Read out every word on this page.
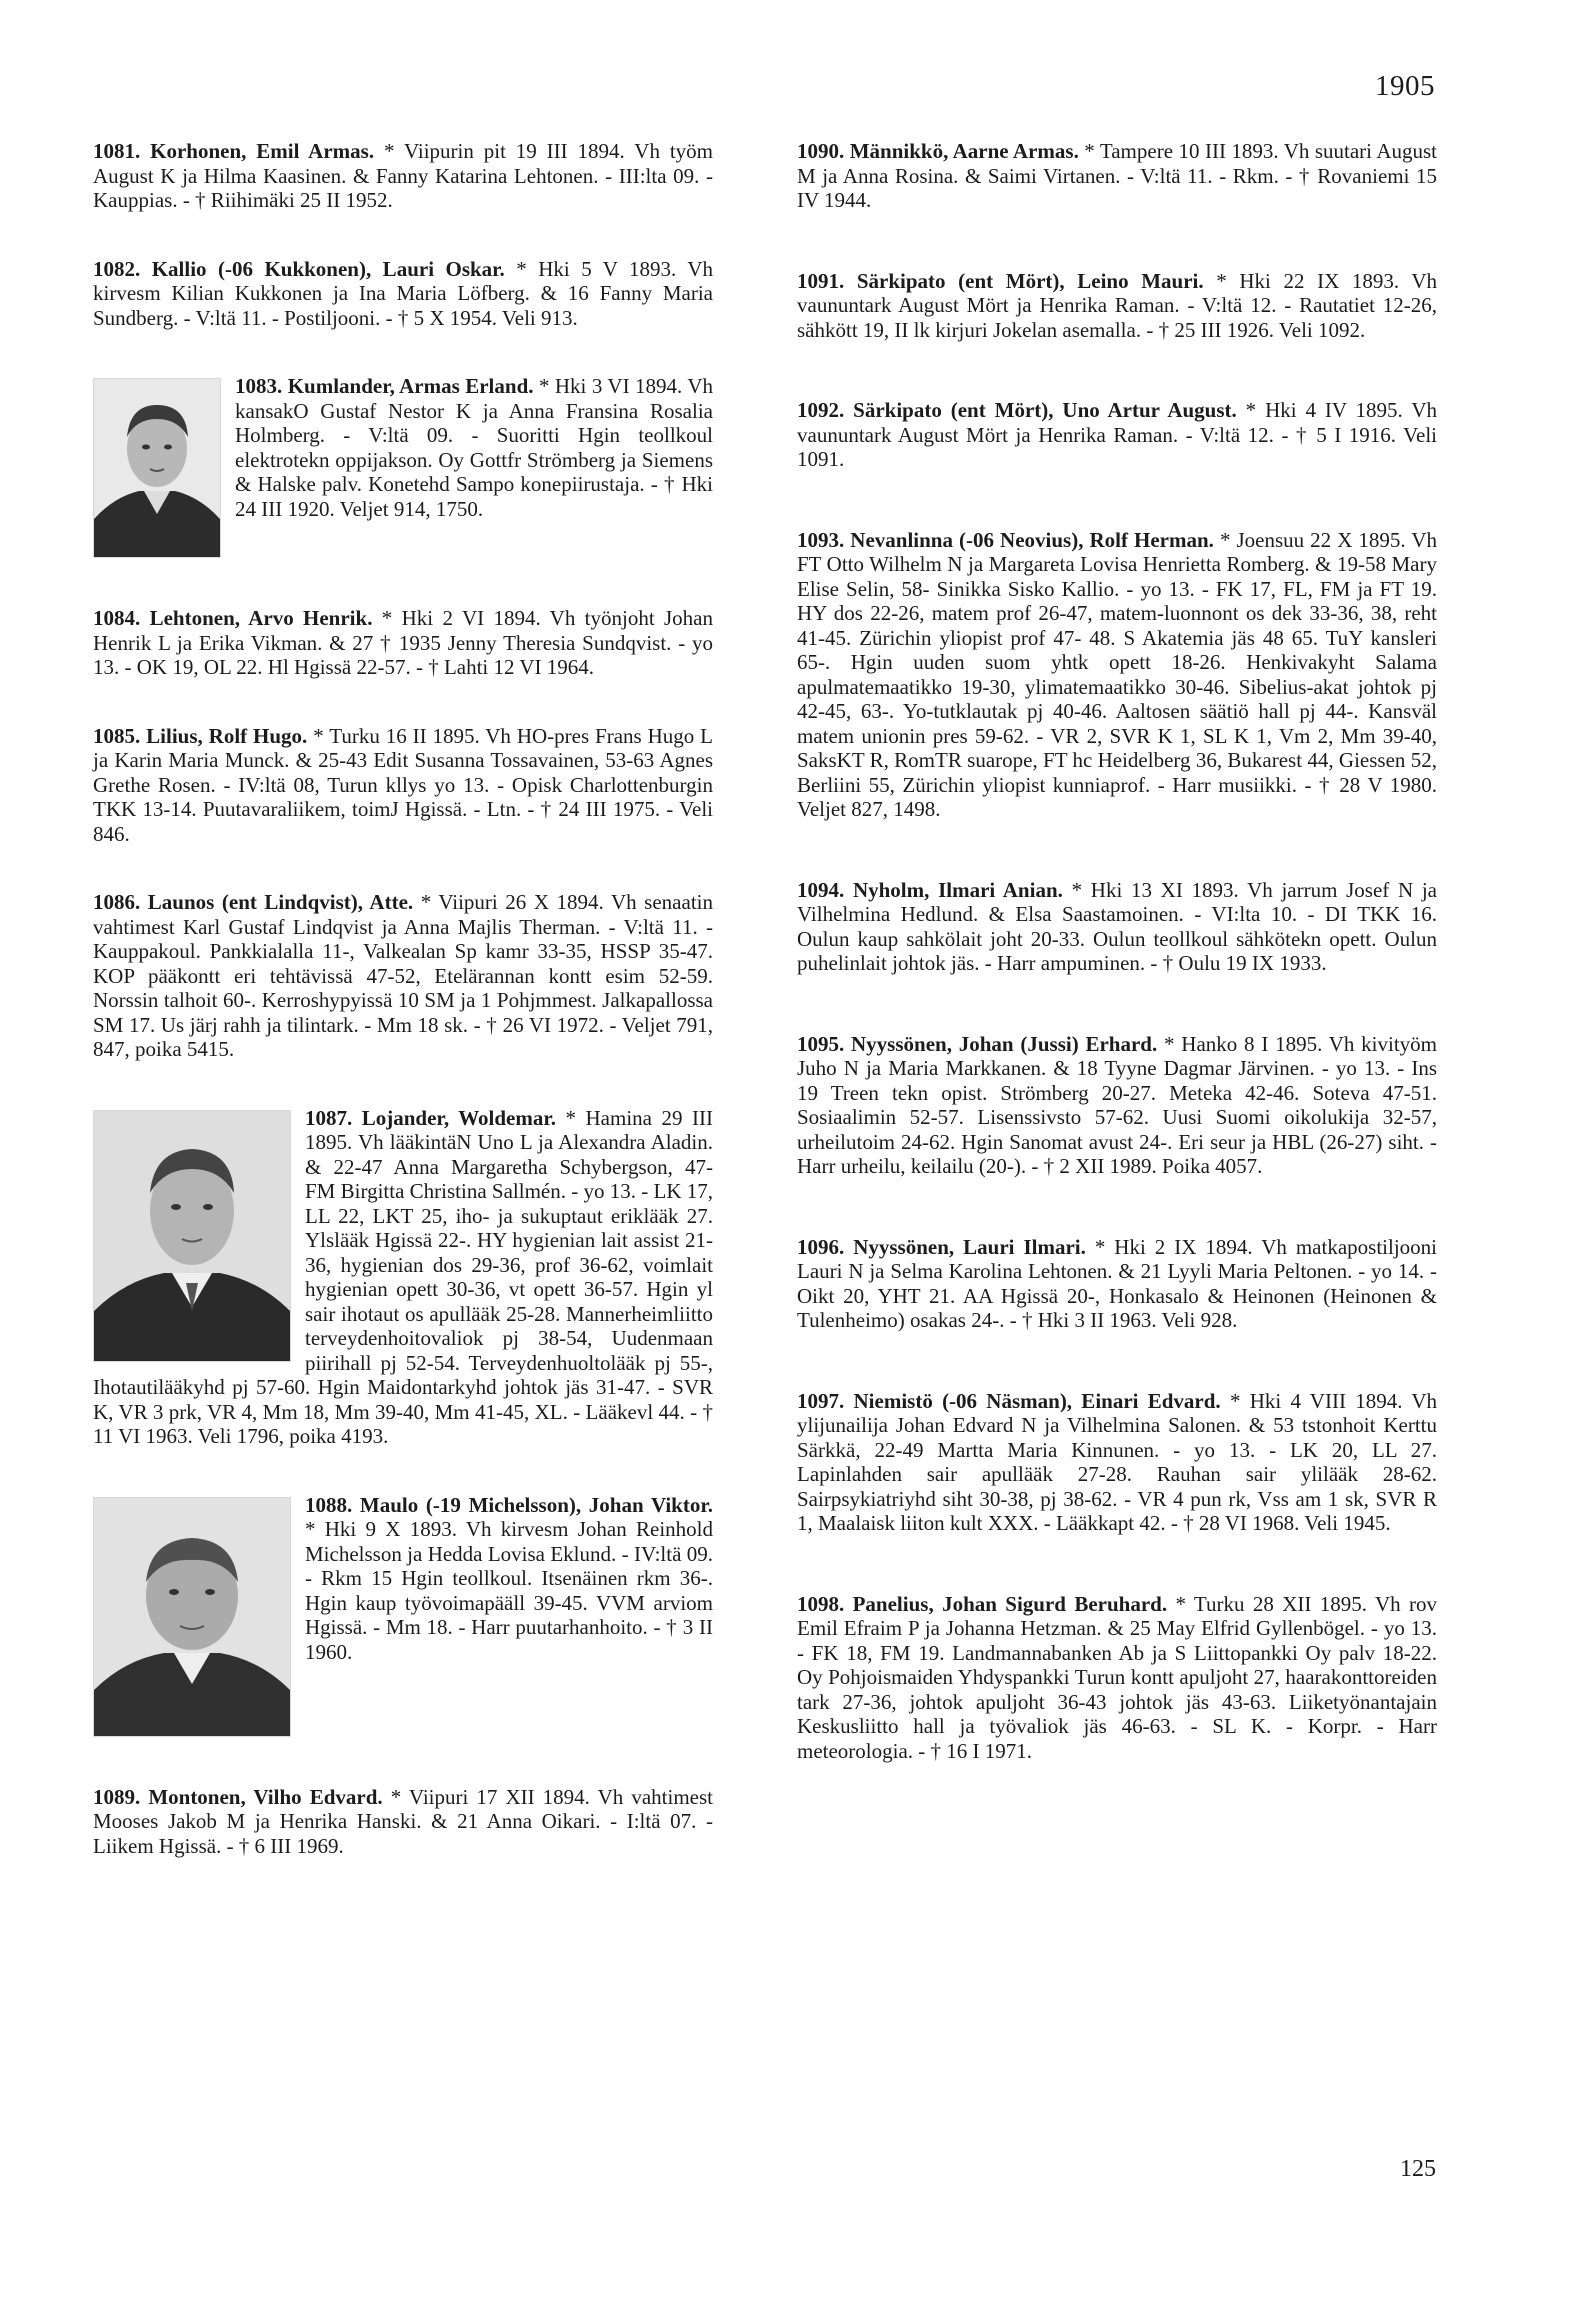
1905
1081. Korhonen, Emil Armas. * Viipurin pit 19 III 1894. Vh työm August K ja Hilma Kaasinen. & Fanny Katarina Lehtonen. - III:lta 09. - Kauppias. - † Riihimäki 25 II 1952.
1082. Kallio (-06 Kukkonen), Lauri Oskar. * Hki 5 V 1893. Vh kirvesm Kilian Kukkonen ja Ina Maria Löfberg. & 16 Fanny Maria Sundberg. - V:ltä 11. - Postiljooni. - † 5 X 1954. Veli 913.
1083. Kumlander, Armas Erland.
* Hki 3 VI 1894. Vh kansakO Gustaf Nestor K ja Anna Fransina Rosalia Holmberg. - V:ltä 09. - Suoritti Hgin teollkoul elektrotekn oppijakson. Oy Gottfr Strömberg ja Siemens & Halske palv. Konetehd Sampo konepiirustaja. - † Hki 24 III 1920. Veljet 914, 1750.
1084. Lehtonen, Arvo Henrik. * Hki 2 VI 1894. Vh työnjoht Johan Henrik L ja Erika Vikman. & 27 † 1935 Jenny Theresia Sundqvist. - yo 13. - OK 19, OL 22. Hl Hgissä 22-57. - † Lahti 12 VI 1964.
1085. Lilius, Rolf Hugo. * Turku 16 II 1895. Vh HO-pres Frans Hugo L ja Karin Maria Munck. & 25-43 Edit Susanna Tossavainen, 53-63 Agnes Grethe Rosen. - IV:ltä 08, Turun kllys yo 13. - Opisk Charlottenburgin TKK 13-14. Puutavaraliikem, toimJ Hgissä. - Ltn. - † 24 III 1975. - Veli 846.
1086. Launos (ent Lindqvist), Atte. * Viipuri 26 X 1894. Vh senaatin vahtimest Karl Gustaf Lindqvist ja Anna Majlis Therman. - V:ltä 11. - Kauppakoul. Pankkialalla 11-, Valkealan Sp kamr 33-35, HSSP 35-47. KOP pääkontt eri tehtävissä 47-52, Etelärannan kontt esim 52-59. Norssin talhoit 60-. Kerroshypyissä 10 SM ja 1 Pohjmmest. Jalkapallossa SM 17. Us järj rahh ja tilintark. - Mm 18 sk. - † 26 VI 1972. - Veljet 791, 847, poika 5415.
1087. Lojander, Woldemar.
* Hamina 29 III 1895. Vh lääkintäN Uno L ja Alexandra Aladin. & 22-47 Anna Margaretha Schybergson, 47- FM Birgitta Christina Sallmén. - yo 13. - LK 17, LL 22, LKT 25, iho- ja sukuptaut eriklääk 27. Ylslääk Hgissä 22-. HY hygienian lait assist 21-36, hygienian dos 29-36, prof 36-62, voimlait hygienian opett 30-36, vt opett 36-57. Hgin yl sair ihotaut os apullääk 25-28. Mannerheimliitto terveydenhoitovaliok pj 38-54, Uudenmaan piirihall pj 52-54. Terveydenhuoltolääk pj 55-, Ihotautilääkyhd pj 57-60. Hgin Maidontarkyhd johtok jäs 31-47. - SVR K, VR 3 prk, VR 4, Mm 18, Mm 39-40, Mm 41-45, XL. - Lääkevl 44. - † 11 VI 1963. Veli 1796, poika 4193.
1088. Maulo (-19 Michelsson), Johan Viktor.
* Hki 9 X 1893. Vh kirvesm Johan Reinhold Michelsson ja Hedda Lovisa Eklund. - IV:ltä 09. - Rkm 15 Hgin teollkoul. Itsenäinen rkm 36-. Hgin kaup työvoimapääll 39-45. VVM arviom Hgissä. - Mm 18. - Harr puutarhanhoito. - † 3 II 1960.
1089. Montonen, Vilho Edvard. * Viipuri 17 XII 1894. Vh vahtimest Mooses Jakob M ja Henrika Hanski. & 21 Anna Oikari. - I:ltä 07. - Liikem Hgissä. - † 6 III 1969.
1090. Männikkö, Aarne Armas. * Tampere 10 III 1893. Vh suutari August M ja Anna Rosina. & Saimi Virtanen. - V:ltä 11. - Rkm. - † Rovaniemi 15 IV 1944.
1091. Särkipato (ent Mört), Leino Mauri. * Hki 22 IX 1893. Vh vaununtark August Mört ja Henrika Raman. - V:ltä 12. - Rautatiet 12-26, sähkött 19, II lk kirjuri Jokelan asemalla. - † 25 III 1926. Veli 1092.
1092. Särkipato (ent Mört), Uno Artur August. * Hki 4 IV 1895. Vh vaununtark August Mört ja Henrika Raman. - V:ltä 12. - † 5 I 1916. Veli 1091.
1093. Nevanlinna (-06 Neovius), Rolf Herman. * Joensuu 22 X 1895. Vh FT Otto Wilhelm N ja Margareta Lovisa Henrietta Romberg. & 19-58 Mary Elise Selin, 58- Sinikka Sisko Kallio. - yo 13. - FK 17, FL, FM ja FT 19. HY dos 22-26, matem prof 26-47, matem-luonnont os dek 33-36, 38, reht 41-45. Zürichin yliopist prof 47- 48. S Akatemia jäs 48 65. TuY kansleri 65-. Hgin uuden suom yhtk opett 18-26. Henkivakyht Salama apulmatemaatikko 19-30, ylimatemaatikko 30-46. Sibelius-akat johtok pj 42-45, 63-. Yo-tutklautak pj 40-46. Aaltosen säätiö hall pj 44-. Kansväl matem unionin pres 59-62. - VR 2, SVR K 1, SL K 1, Vm 2, Mm 39-40, SaksKT R, RomTR suarope, FT hc Heidelberg 36, Bukarest 44, Giessen 52, Berliini 55, Zürichin yliopist kunniaprof. - Harr musiikki. - † 28 V 1980. Veljet 827, 1498.
1094. Nyholm, Ilmari Anian. * Hki 13 XI 1893. Vh jarrum Josef N ja Vilhelmina Hedlund. & Elsa Saastamoinen. - VI:lta 10. - DI TKK 16. Oulun kaup sahkölait joht 20-33. Oulun teollkoul sähkötekn opett. Oulun puhelinlait johtok jäs. - Harr ampuminen. - † Oulu 19 IX 1933.
1095. Nyyssönen, Johan (Jussi) Erhard. * Hanko 8 I 1895. Vh kivityöm Juho N ja Maria Markkanen. & 18 Tyyne Dagmar Järvinen. - yo 13. - Ins 19 Treen tekn opist. Strömberg 20-27. Meteka 42-46. Soteva 47-51. Sosiaalimin 52-57. Lisenssivsto 57-62. Uusi Suomi oikolukija 32-57, urheilutoim 24-62. Hgin Sanomat avust 24-. Eri seur ja HBL (26-27) siht. - Harr urheilu, keilailu (20-). - † 2 XII 1989. Poika 4057.
1096. Nyyssönen, Lauri Ilmari. * Hki 2 IX 1894. Vh matkapostiljooni Lauri N ja Selma Karolina Lehtonen. & 21 Lyyli Maria Peltonen. - yo 14. - Oikt 20, YHT 21. AA Hgissä 20-, Honkasalo & Heinonen (Heinonen & Tulenheimo) osakas 24-. - † Hki 3 II 1963. Veli 928.
1097. Niemistö (-06 Näsman), Einari Edvard. * Hki 4 VIII 1894. Vh ylijunailija Johan Edvard N ja Vilhelmina Salonen. & 53 tstonhoit Kerttu Särkkä, 22-49 Martta Maria Kinnunen. - yo 13. - LK 20, LL 27. Lapinlahden sair apullääk 27-28. Rauhan sair ylilääk 28-62. Sairpsykiatriyhd siht 30-38, pj 38-62. - VR 4 pun rk, Vss am 1 sk, SVR R 1, Maalaisk liiton kult XXX. - Lääkkapt 42. - † 28 VI 1968. Veli 1945.
1098. Panelius, Johan Sigurd Beruhard. * Turku 28 XII 1895. Vh rov Emil Efraim P ja Johanna Hetzman. & 25 May Elfrid Gyllenbögel. - yo 13. - FK 18, FM 19. Landmannabanken Ab ja S Liittopankki Oy palv 18-22. Oy Pohjoismaiden Yhdyspankki Turun kontt apuljoht 27, haarakonttoreiden tark 27-36, johtok apuljoht 36-43 johtok jäs 43-63. Liiketyönantajain Keskusliitto hall ja työvaliok jäs 46-63. - SL K. - Korpr. - Harr meteorologia. - † 16 I 1971.
125
